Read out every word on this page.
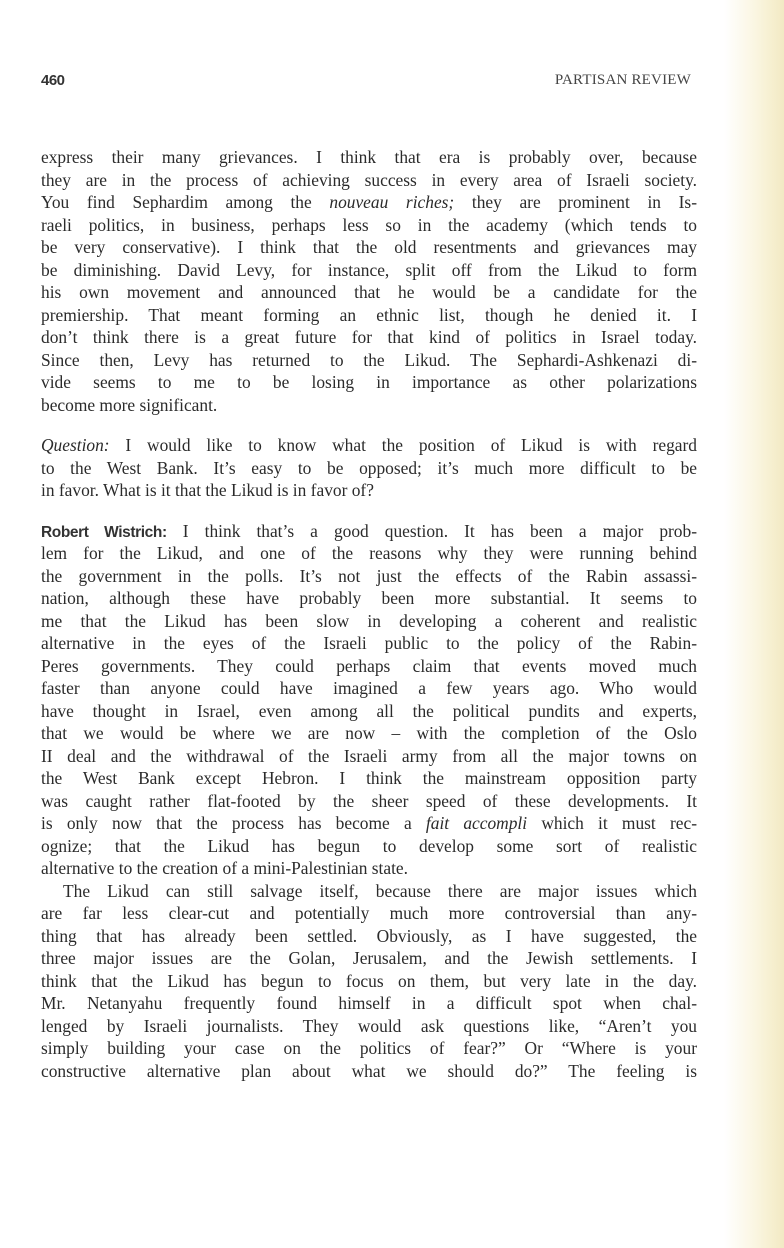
460	PARTISAN REVIEW
express their many grievances. I think that era is probably over, because
they are in the process of achieving success in every area of Israeli society.
You find Sephardim among the nouveau riches; they are prominent in Is-
raeli politics, in business, perhaps less so in the academy (which tends to
be very conservative). I think that the old resentments and grievances may
be diminishing. David Levy, for instance, split off from the Likud to form
his own movement and announced that he would be a candidate for the
premiership. That meant forming an ethnic list, though he denied it. I
don’t think there is a great future for that kind of politics in Israel today.
Since then, Levy has returned to the Likud. The Sephardi-Ashkenazi di-
vide seems to me to be losing in importance as other polarizations
become more significant.
Question: I would like to know what the position of Likud is with regard
to the West Bank. It’s easy to be opposed; it’s much more difficult to be
in favor. What is it that the Likud is in favor of?
Robert Wistrich: I think that’s a good question. It has been a major prob-
lem for the Likud, and one of the reasons why they were running behind
the government in the polls. It’s not just the effects of the Rabin assassi-
nation, although these have probably been more substantial. It seems to
me that the Likud has been slow in developing a coherent and realistic
alternative in the eyes of the Israeli public to the policy of the Rabin-
Peres governments. They could perhaps claim that events moved much
faster than anyone could have imagined a few years ago. Who would
have thought in Israel, even among all the political pundits and experts,
that we would be where we are now – with the completion of the Oslo
II deal and the withdrawal of the Israeli army from all the major towns on
the West Bank except Hebron. I think the mainstream opposition party
was caught rather flat-footed by the sheer speed of these developments. It
is only now that the process has become a fait accompli which it must rec-
ognize; that the Likud has begun to develop some sort of realistic
alternative to the creation of a mini-Palestinian state.
The Likud can still salvage itself, because there are major issues which
are far less clear-cut and potentially much more controversial than any-
thing that has already been settled. Obviously, as I have suggested, the
three major issues are the Golan, Jerusalem, and the Jewish settlements. I
think that the Likud has begun to focus on them, but very late in the day.
Mr. Netanyahu frequently found himself in a difficult spot when chal-
lenged by Israeli journalists. They would ask questions like, “Aren’t you
simply building your case on the politics of fear?” Or “Where is your
constructive alternative plan about what we should do?” The feeling is
